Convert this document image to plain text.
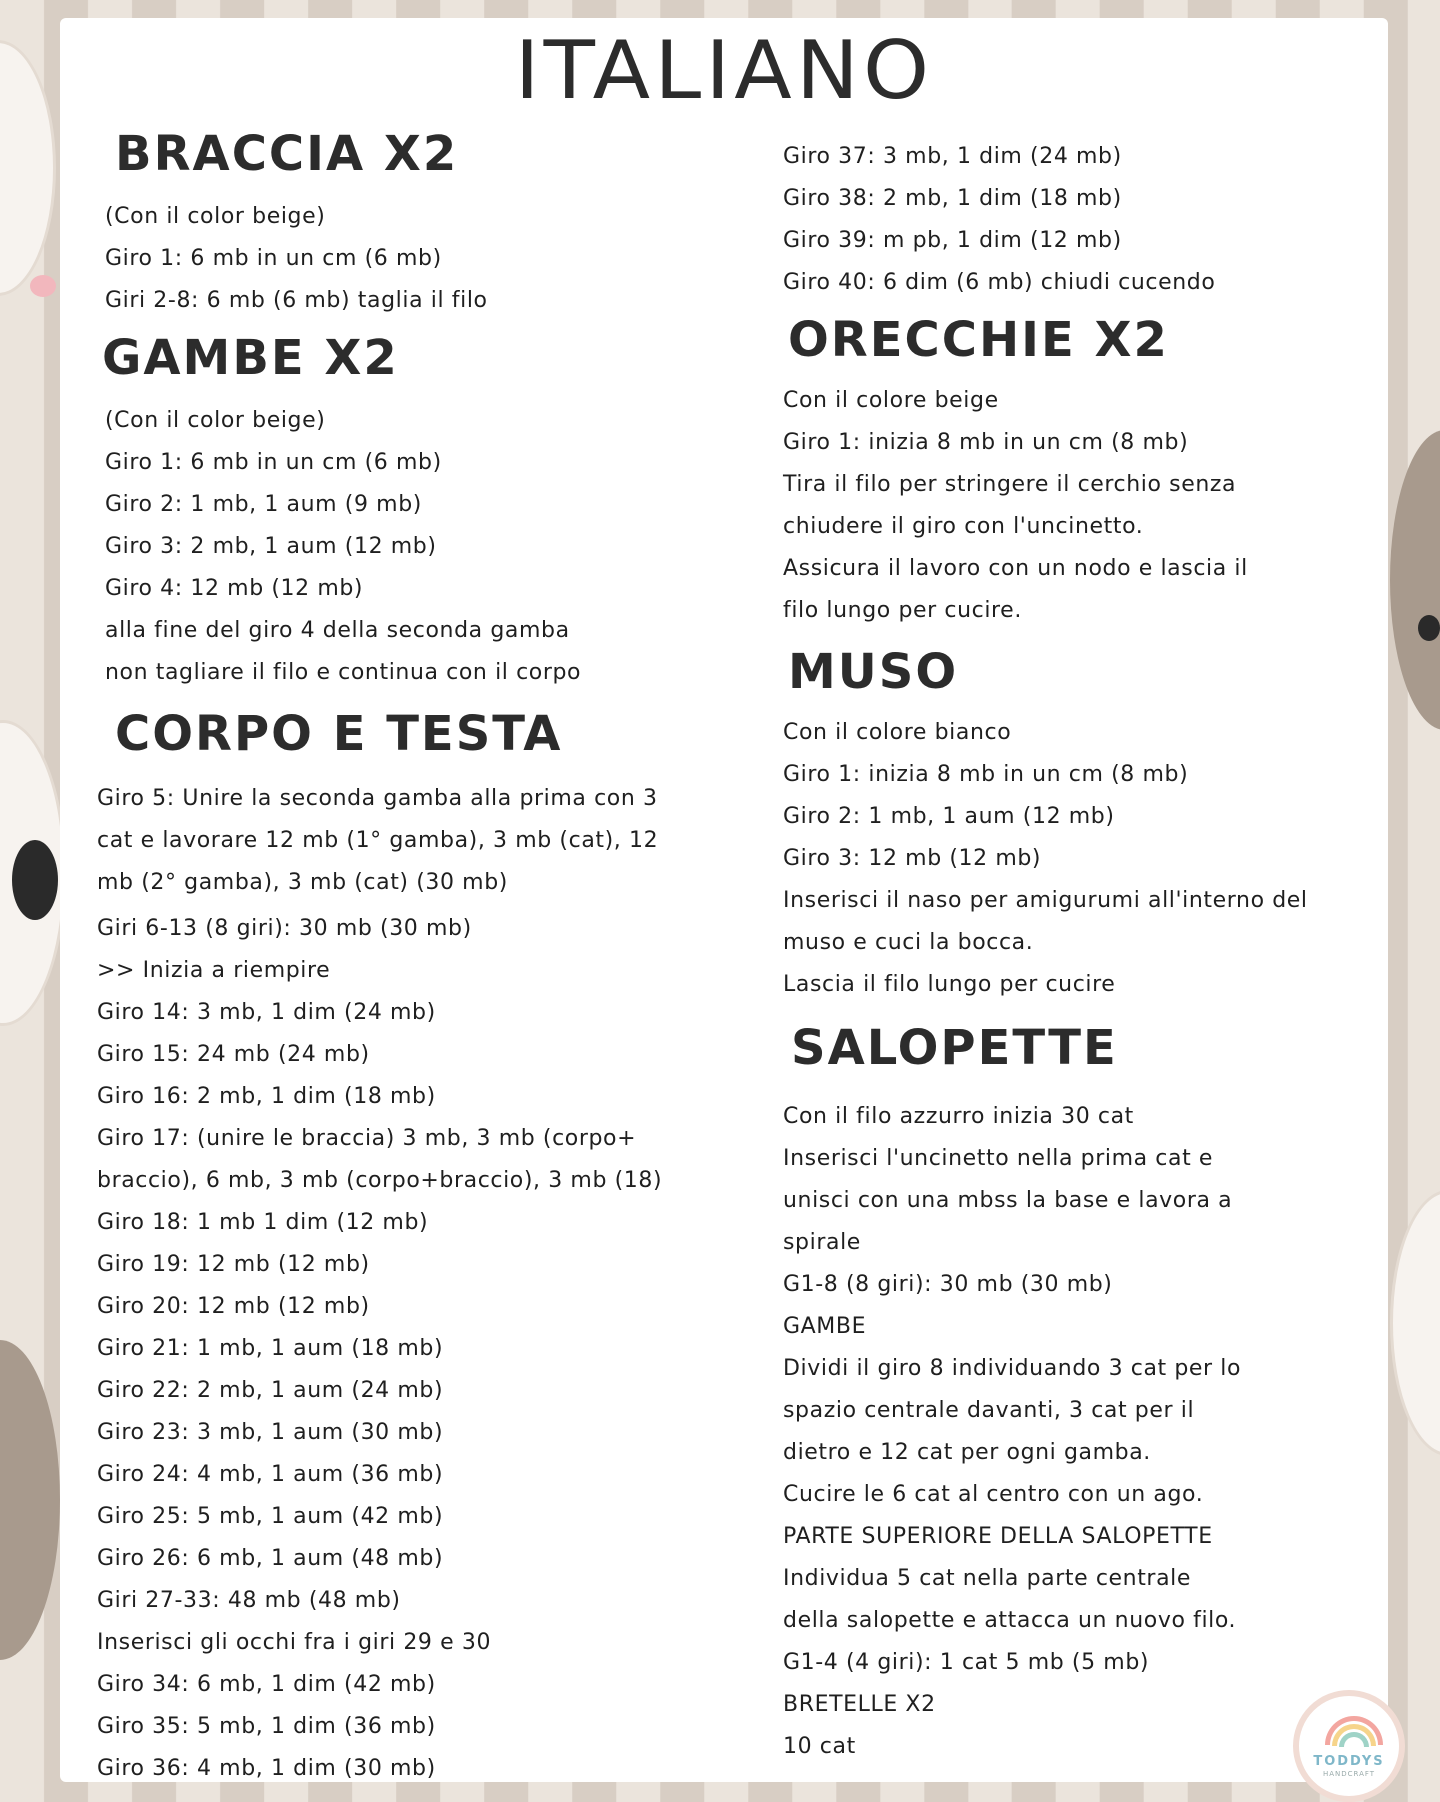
ITALIANO
BRACCIA X2
(Con il color beige)
Giro 1: 6 mb in un cm (6 mb)
Giri 2-8: 6 mb (6 mb) taglia il filo
GAMBE X2
(Con il color beige)
Giro 1: 6 mb in un cm (6 mb)
Giro 2: 1 mb, 1 aum (9 mb)
Giro 3: 2 mb, 1 aum (12 mb)
Giro 4: 12 mb (12 mb)
alla fine del giro 4 della seconda gamba
non tagliare il filo e continua con il corpo
CORPO E TESTA
Giro 5: Unire la seconda gamba alla prima con 3
cat e lavorare 12 mb (1° gamba), 3 mb (cat), 12
mb (2° gamba), 3 mb (cat) (30 mb)
Giri 6-13 (8 giri): 30 mb (30 mb)
>> Inizia a riempire
Giro 14: 3 mb, 1 dim (24 mb)
Giro 15: 24 mb (24 mb)
Giro 16: 2 mb, 1 dim (18 mb)
Giro 17: (unire le braccia) 3 mb, 3 mb (corpo+
braccio), 6 mb, 3 mb (corpo+braccio), 3 mb (18)
Giro 18: 1 mb 1 dim (12 mb)
Giro 19: 12 mb (12 mb)
Giro 20: 12 mb (12 mb)
Giro 21: 1 mb, 1 aum (18 mb)
Giro 22: 2 mb, 1 aum (24 mb)
Giro 23: 3 mb, 1 aum (30 mb)
Giro 24: 4 mb, 1 aum (36 mb)
Giro 25: 5 mb, 1 aum (42 mb)
Giro 26: 6 mb, 1 aum (48 mb)
Giri 27-33: 48 mb (48 mb)
Inserisci gli occhi fra i giri 29 e 30
Giro 34: 6 mb, 1 dim (42 mb)
Giro 35: 5 mb, 1 dim (36 mb)
Giro 36: 4 mb, 1 dim (30 mb)
Giro 37: 3 mb, 1 dim (24 mb)
Giro 38: 2 mb, 1 dim (18 mb)
Giro 39: m pb, 1 dim (12 mb)
Giro 40: 6 dim (6 mb) chiudi cucendo
ORECCHIE X2
Con il colore beige
Giro 1: inizia 8 mb in un cm (8 mb)
Tira il filo per stringere il cerchio senza
chiudere il giro con l'uncinetto.
Assicura il lavoro con un nodo e lascia il
filo lungo per cucire.
MUSO
Con il colore bianco
Giro 1: inizia 8 mb in un cm (8 mb)
Giro 2: 1 mb, 1 aum (12 mb)
Giro 3: 12 mb (12 mb)
Inserisci il naso per amigurumi all'interno del
muso e cuci la bocca.
Lascia il filo lungo per cucire
SALOPETTE
Con il filo azzurro inizia 30 cat
Inserisci l'uncinetto nella prima cat e
unisci con una mbss la base e lavora a
spirale
G1-8 (8 giri): 30 mb (30 mb)
GAMBE
Dividi il giro 8 individuando 3 cat per lo
spazio centrale davanti, 3 cat per il
dietro e 12 cat per ogni gamba.
Cucire le 6 cat al centro con un ago.
PARTE SUPERIORE DELLA SALOPETTE
Individua 5 cat nella parte centrale
della salopette e attacca un nuovo filo.
G1-4 (4 giri): 1 cat 5 mb (5 mb)
BRETELLE X2
10 cat
TODDYS
HANDCRAFT
